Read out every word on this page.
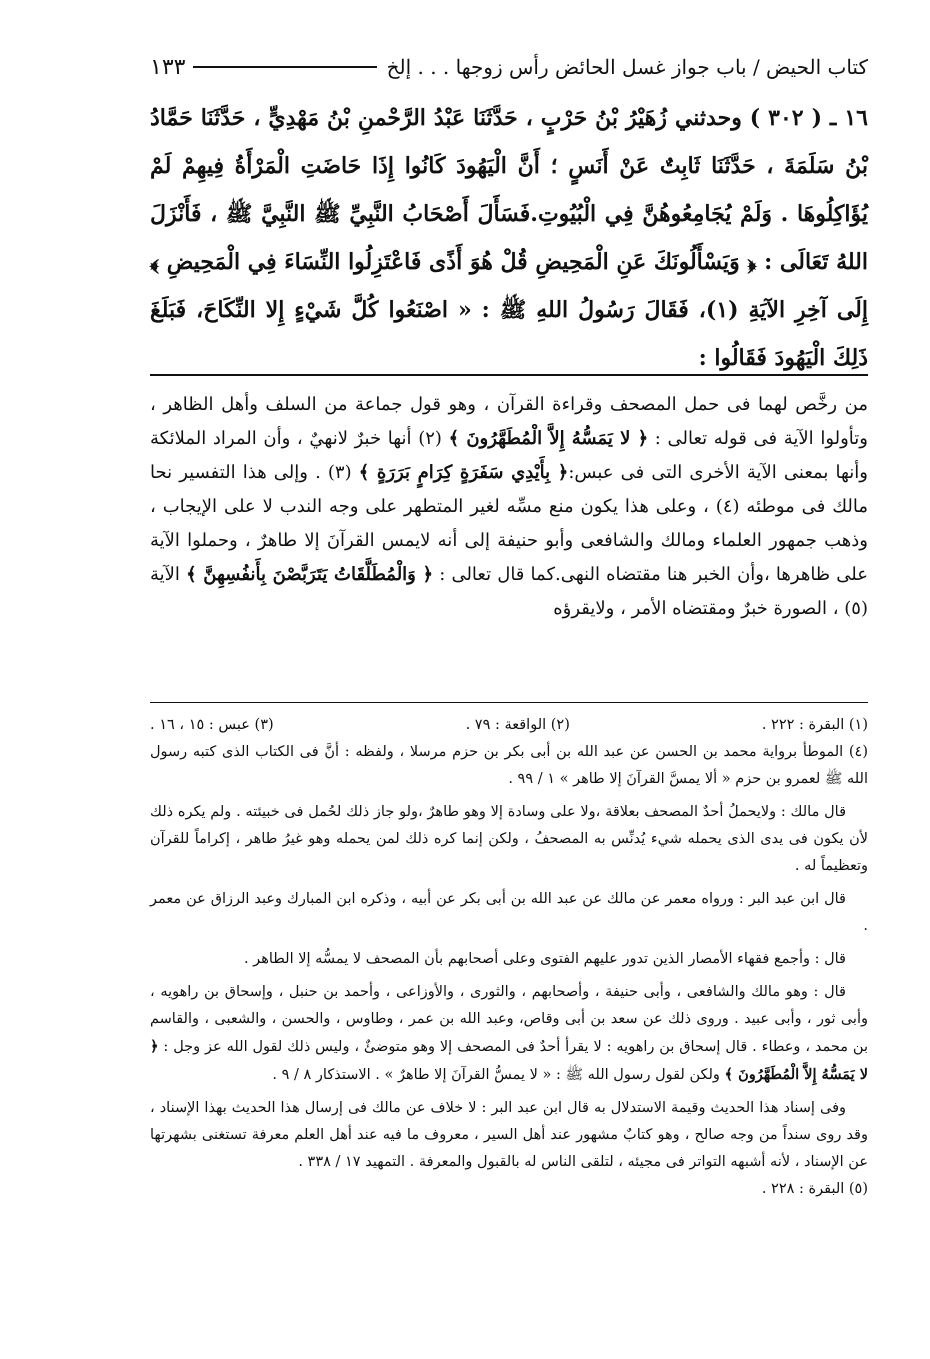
كتاب الحيض / باب جواز غسل الحائض رأس زوجها . . . إلخ
١٣٣

١٦ ـ ( ٣٠٢ ) وحدثني زُهَيْرُ بْنُ حَرْبٍ ، حَدَّثَنَا عَبْدُ الرَّحْمنِ بْنُ مَهْدِيٍّ ، حَدَّثَنَا حَمَّادُ بْنُ سَلَمَةَ ، حَدَّثَنَا ثَابِتٌ عَنْ أَنَسٍ ؛ أَنَّ الْيَهُودَ كَانُوا إِذَا حَاضَتِ الْمَرْأَةُ فِيهِمْ لَمْ يُؤَاكِلُوهَا . وَلَمْ يُجَامِعُوهُنَّ فِي الْبُيُوتِ.فَسَأَلَ أَصْحَابُ النَّبِيِّ ﷺ النَّبِيَّ ﷺ ، فَأَنْزَلَ اللهُ تَعَالَى : ﴿ وَيَسْأَلُونَكَ عَنِ الْمَحِيضِ قُلْ هُوَ أَذًى فَاعْتَزِلُوا النِّسَاءَ فِي الْمَحِيضِ ﴾ إِلَى آخِرِ الآيَةِ (١)، فَقَالَ رَسُولُ اللهِ ﷺ : « اصْنَعُوا كُلَّ شَيْءٍ إِلا النِّكَاحَ، فَبَلَغَ ذَلِكَ الْيَهُودَ فَقَالُوا :

من رخَّص لهما فى حمل المصحف وقراءة القرآن ، وهو قول جماعة من السلف وأهل الظاهر ، وتأولوا الآية فى قوله تعالى : ﴿ لا يَمَسُّهُ إِلاَّ الْمُطَهَّرُونَ ﴾ (٢) أنها خبرٌ لانهيٌ ، وأن المراد الملائكة وأنها بمعنى الآية الأخرى التى فى عبس:﴿ بِأَيْدِي سَفَرَةٍ كِرَامٍ بَرَرَةٍ ﴾ (٣) . وإلى هذا التفسير نحا مالك فى موطئه (٤) ، وعلى هذا يكون منع مسِّه لغير المتطهر على وجه الندب لا على الإيجاب ، وذهب جمهور العلماء ومالك والشافعى وأبو حنيفة إلى أنه لايمس القرآنَ إلا طاهرٌ ، وحملوا الآية على ظاهرها ،وأن الخبر هنا مقتضاه النهى.كما قال تعالى : ﴿ وَالْمُطَلَّقَاتُ يَتَرَبَّصْنَ بِأَنفُسِهِنَّ ﴾ الآية (٥) ، الصورة خبرٌ ومقتضاه الأمر ، ولايقرؤه

(١) البقرة : ٢٢٢ .
(٢) الواقعة : ٧٩ .
(٣) عبس : ١٥ ، ١٦ .

(٤) الموطأ برواية محمد بن الحسن عن عبد الله بن أبى بكر بن حزم مرسلا ، ولفظه : أنَّ فى الكتاب الذى كتبه رسول الله ﷺ لعمرو بن حزم « ألا يمسَّ القرآنَ إلا طاهر » ١ / ٩٩ .

قال مالك : ولايحملُ أحدٌ المصحف بعلاقة ،ولا على وسادة إلا وهو طاهرٌ ،ولو جاز ذلك لحُمل فى خبيئته . ولم يكره ذلك لأن يكون فى يدى الذى يحمله شيء يُدنِّس به المصحفُ ، ولكن إنما كره ذلك لمن يحمله وهو غيرُ طاهر ، إكراماً للقرآن وتعظيماً له .

قال ابن عبد البر : ورواه معمر عن مالك عن عبد الله بن أبى بكر عن أبيه ، وذكره ابن المبارك وعبد الرزاق عن معمر .

قال : وأجمع فقهاء الأمصار الذين تدور عليهم الفتوى وعلى أصحابهم بأن المصحف لا يمسُّه إلا الطاهر .

قال : وهو مالك والشافعى ، وأبى حنيفة ، وأصحابهم ، والثورى ، والأوزاعى ، وأحمد بن حنبل ، وإسحاق بن راهويه ، وأبى ثور ، وأبى عبيد . وروى ذلك عن سعد بن أبى وقاص، وعبد الله بن عمر ، وطاوس ، والحسن ، والشعبى ، والقاسم بن محمد ، وعطاء . قال إسحاق بن راهويه : لا يقرأ أحدٌ فى المصحف إلا وهو متوضئٌ ، وليس ذلك لقول الله عز وجل : ﴿ لا يَمَسُّهُ إِلاَّ الْمُطَهَّرُونَ ﴾ ولكن لقول رسول الله ﷺ : « لا يمسُّ القرآنَ إلا طاهرٌ » . الاستذكار ٨ / ٩ .

وفى إسناد هذا الحديث وقيمة الاستدلال به قال ابن عبد البر : لا خلاف عن مالك فى إرسال هذا الحديث بهذا الإسناد ، وقد روى سنداً من وجه صالح ، وهو كتابٌ مشهور عند أهل السير ، معروف ما فيه عند أهل العلم معرفة تستغنى بشهرتها عن الإسناد ، لأنه أشبهه التواتر فى مجيئه ، لتلقى الناس له بالقبول والمعرفة . التمهيد ١٧ / ٣٣٨ .

(٥) البقرة : ٢٢٨ .
